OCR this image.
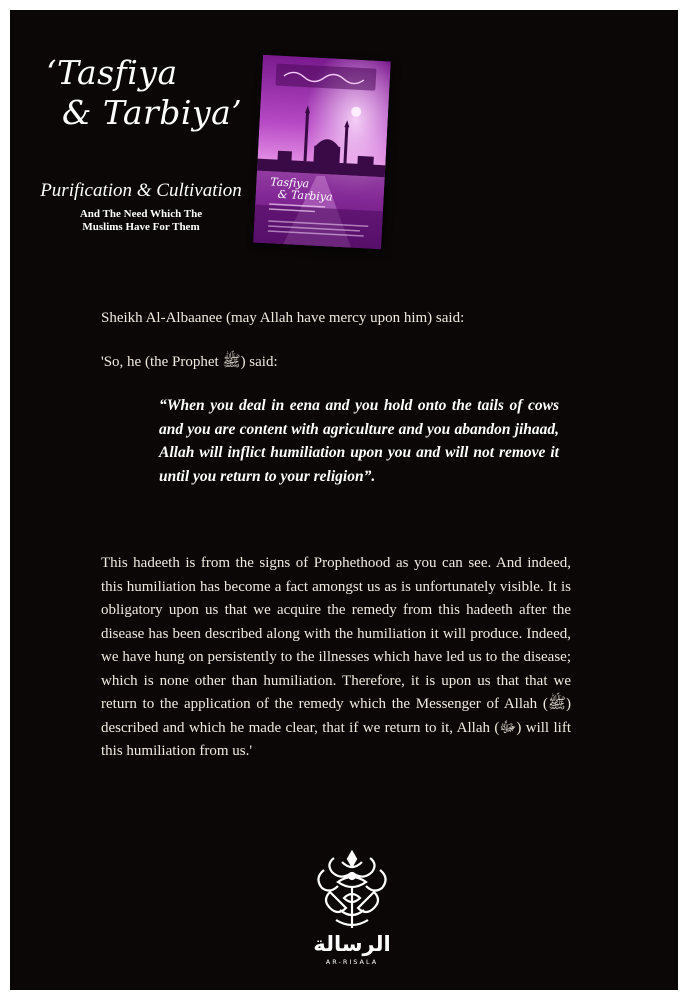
‘Tasfiya
& Tarbiya’
Purification & Cultivation
And The Need Which The
Muslims Have For Them
Tasfiya
& Tarbiya

Sheikh Al-Albaanee (may Allah have mercy upon him) said:

'So, he (the Prophet ﷺ) said:

“When you deal in eena and you hold onto the tails of cows and you are content with agriculture and you abandon jihaad, Allah will inflict humiliation upon you and will not remove it until you return to your religion”.

This hadeeth is from the signs of Prophethood as you can see. And indeed, this humiliation has become a fact amongst us as is unfortunately visible. It is obligatory upon us that we acquire the remedy from this hadeeth after the disease has been described along with the humiliation it will produce. Indeed, we have hung on persistently to the illnesses which have led us to the disease; which is none other than humiliation. Therefore, it is upon us that that we return to the application of the remedy which the Messenger of Allah (ﷺ) described and which he made clear, that if we return to it, Allah (ﷻ) will lift this humiliation from us.'

الرسالة
AR-RISALA
